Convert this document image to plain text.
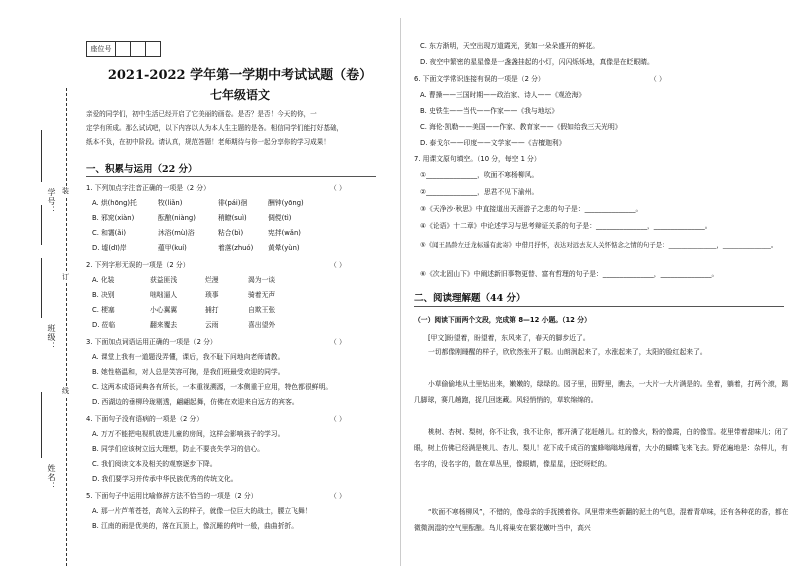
学号：
班级：
姓名：
装
订
线
座位号
2021-2022 学年第一学期中考试试题（卷）
七年级语文
亲爱的同学们，初中生活已经开启了它美丽的画卷。是否？是否！今天的你，一
定学有所成。那么试试吧，以下内容以人为本人生主题的是各。相信同学们能打好基础，
纸本不负，在初中阶段。请认真，规范答题！老师期待与你一起分享你的学习成果！
一、积累与运用（22 分）
1. 下列加点字注音正确的一项是（2 分）	（ ）
A. 烘(hōng)托	牧(liǎn)	徘(pái)徊	酬钟(yōng)
B. 邪窕(xiàn)	酝酿(niàng)	稍瞭(suì)	倜傥(tì)
C. 和霭(ǎi)	沐浴(mù)浴	粘合(bì)	宪拌(wǎn)
D. 墟(dī)岸	蕴甲(kuí)	着落(zhuó) 黄晕(yùn)
2. 下列字形无误的一项是（2 分）	（ ）
A. 化装	获益匪浅	烂漫	渴为一谈
B. 决别	咄咄逼人	琐事	骑着无声
C. 梗塞	小心翼翼	捕打	自欺王张
D. 莅临	翻来覆去	云雨	喜出望外
3. 下面加点词语运用正确的一项是（2 分）	（ ）
A. 课堂上我有一道题没弄懂，课后，我不耻下问地向老师请教。
B. 她性格温和，对人总是笑容可掬，是我们班最受欢迎的同学。
C. 这两本成语词典各有所长，一本重视溯源，一本侧重于应用，特色都很鲜明。
D. 西湖边的垂柳玲珑剔透，翩翩起舞，仿佛在欢迎来自远方的宾客。
4. 下面句子没有语病的一项是（2 分）	（ ）
A. 万万不能把电视机放进儿童的房间，这样会影响孩子的学习。
B. 同学们应该树立远大理想，防止不要丧失学习的信心。
C. 我们阅读文本及相关的观察逐步下降。
D. 我们要学习并传承中华民族优秀的传统文化。
5. 下面句子中运用比喻修辞方法不恰当的一项是（2 分）	（ ）
A. 那一片芦苇苍苍，高耸入云的样子，就像一位巨大的战士，腰立飞舞！
B. 江南的雨是优美的，落在瓦顶上，像沉睡的荷叶一般，曲曲折折。
C. 东方渐明，天空出现万道霞光，犹如一朵朵盛开的鲜花。
D. 夜空中繁密的星星像是一盏盏挂起的小灯，闪闪烁烁地，真像是在眨眼睛。
6. 下面文学常识连接有误的一项是（2 分）	（ ）
A. 曹操——三国时期——政治家、诗人——《观沧海》
B. 史铁生——当代——作家——《我与地坛》
C. 海伦·凯勒——美国——作家、教育家——《假如给我三天光明》
D. 泰戈尔——印度——文学家——《吉檀迦利》
7. 用课文原句填空。（10 分，每空 1 分）
①_______________，吹面不寒杨柳风。
②_______________，思君不见下渝州。
③《天净沙·秋思》中直接道出天涯游子之悲的句子是：_______________。
④《论语》十二章》中论述学习与思考辩证关系的句子是：_______________，_______________。
⑤《闻王昌龄左迁龙标遥有此寄》中借月抒怀，表达对远去友人关怀惦念之情的句子是：_______________，_______________。
⑥《次北固山下》中阐述新旧事物更替、富有哲理的句子是：_______________，_______________。
二、阅读理解题（44 分）
（一）阅读下面两个文段，完成第 8—12 小题。（12 分）
[甲文]盼望着，盼望着，东风来了，春天的脚步近了。
一切都像刚睡醒的样子，欣欣然张开了眼。山朗润起来了，水涨起来了，太阳的脸红起来了。
小草偷偷地从土里钻出来，嫩嫩的，绿绿的。园子里，田野里，瞧去，一大片一大片满是的。坐着，躺着，打两个滚，踢几脚球，赛几趟跑，捉几回迷藏。风轻悄悄的，草软绵绵的。
桃树、杏树、梨树，你不让我，我不让你，都开满了花赶趟儿。红的像火，粉的像霞，白的像雪。花里带着甜味儿；闭了眼，树上仿佛已经满是桃儿、杏儿、梨儿！花下成千成百的蜜蜂嗡嗡地闹着，大小的蝴蝶飞来飞去。野花遍地是：杂样儿，有名字的，没名字的，散在草丛里，像眼睛，像星星，还眨呀眨的。
“吹面不寒杨柳风”，不错的，像母亲的手抚摸着你。风里带来些新翻的泥土的气息，混着青草味，还有各种花的香，都在微微润湿的空气里酝酿。鸟儿将巢安在繁花嫩叶当中，高兴
